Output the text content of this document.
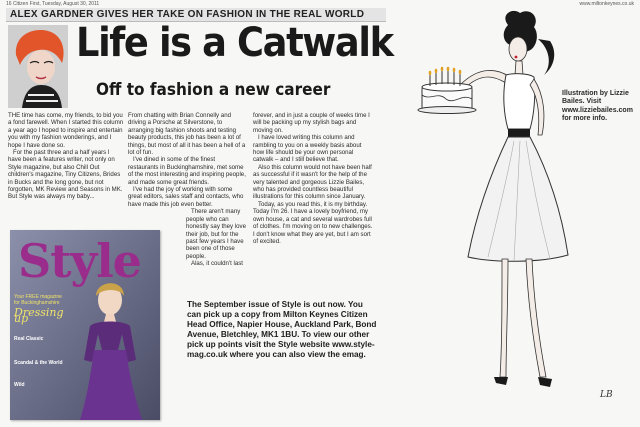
16 Citizen First, Tuesday, August 30, 2011	www.miltonkeynes.co.uk
ALEX GARDNER GIVES HER TAKE ON FASHION IN THE REAL WORLD
Life is a Catwalk
Off to fashion a new career

THE time has come, my friends, to bid you a fond farewell. When I started this column a year ago I hoped to inspire and entertain you with my fashion wonderings, and I hope I have done so.

For the past three and a half years I have been a features writer, not only on Style magazine, but also Chill Out children's magazine, Tiny Citizens, Brides in Bucks and the long gone, but not forgotten, MK Review and Seasons in MK. But Style was always my baby...

From chatting with Brian Connelly and driving a Porsche at Silverstone, to arranging big fashion shoots and testing beauty products, this job has been a lot of things, but most of all it has been a hell of a lot of fun.

I've dined in some of the finest restaurants in Buckinghamshire, met some of the most interesting and inspiring people, and made some great friends.

I've had the joy of working with some great editors, sales staff and contacts, who have made this job even better.

There aren't many people who can honestly say they love their job, but for the past few years I have been one of those people.

Alas, it couldn't last

forever, and in just a couple of weeks time I will be packing up my stylish bags and moving on.

I have loved writing this column and rambling to you on a weekly basis about how life should be your own personal catwalk – and I still believe that.

Also this column would not have been half as successful if it wasn't for the help of the very talented and gorgeous Lizzie Bailes, who has provided countless beautiful illustrations for this column since January.

Today, as you read this, it is my birthday. Today I'm 26. I have a lovely boyfriend, my own house, a cat and several wardrobes full of clothes. I'm moving on to new challenges. I don't know what they are yet, but I am sort of excited.

Style
Your FREE magazine for Buckinghamshire
Dressing up
Real Classic
Scandal & the World
Wild
The September issue of Style is out now. You can pick up a copy from Milton Keynes Citizen Head Office, Napier House, Auckland Park, Bond Avenue, Bletchley, MK1 1BU. To view our other pick up points visit the Style website www.style-mag.co.uk where you can also view the emag.
LB
Illustration by Lizzie Bailes. Visit www.lizziebailes.com for more info.
